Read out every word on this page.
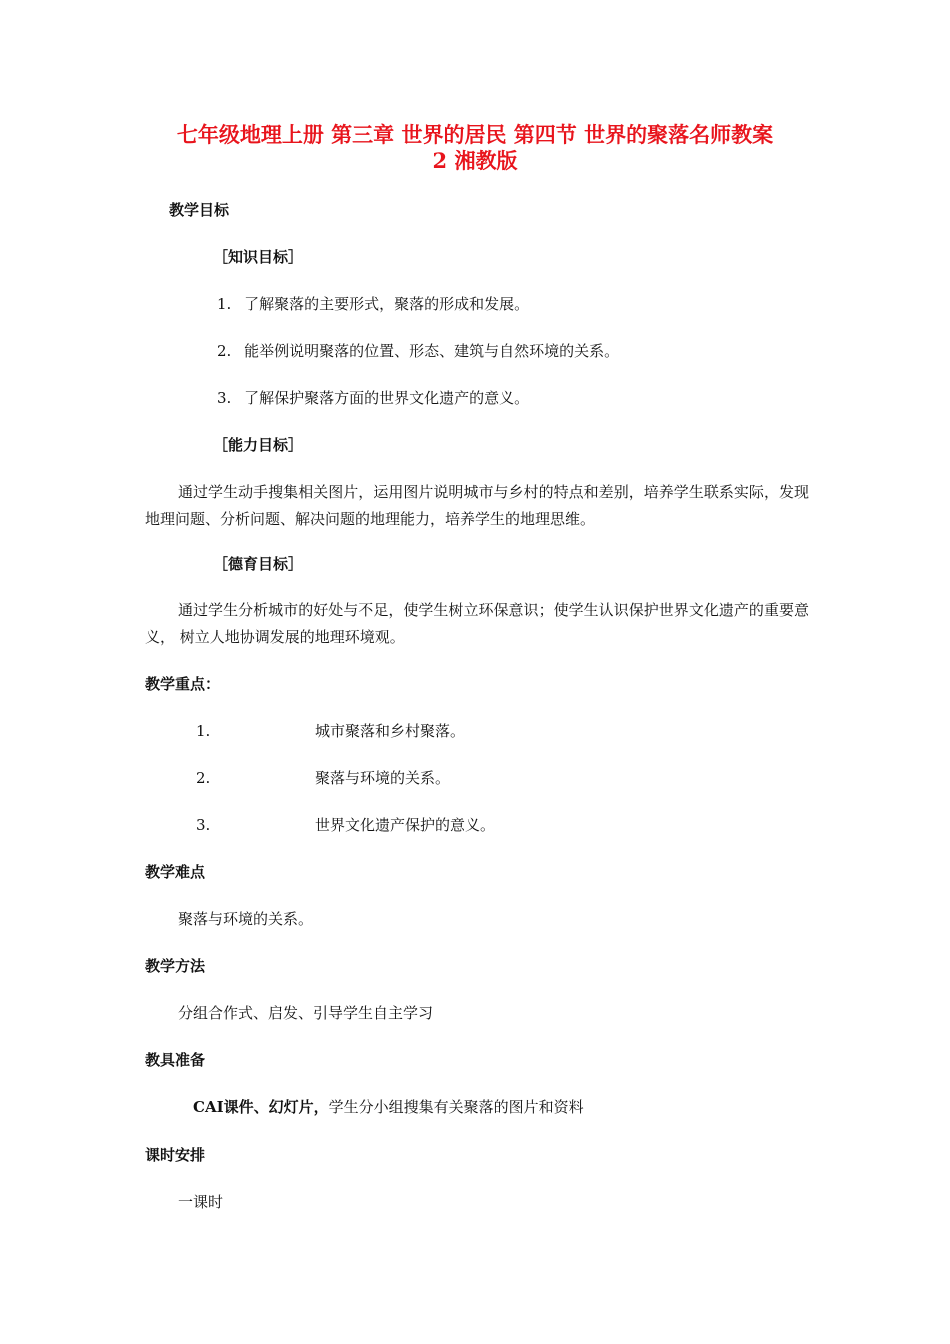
七年级地理上册 第三章 世界的居民 第四节 世界的聚落名师教案
2 湘教版
教学目标
［知识目标］
1. 了解聚落的主要形式，聚落的形成和发展。
2. 能举例说明聚落的位置、形态、建筑与自然环境的关系。
3. 了解保护聚落方面的世界文化遗产的意义。
［能力目标］
通过学生动手搜集相关图片，运用图片说明城市与乡村的特点和差别，培养学生联系实际，发现地理问题、分析问题、解决问题的地理能力，培养学生的地理思维。
［德育目标］
通过学生分析城市的好处与不足，使学生树立环保意识；使学生认识保护世界文化遗产的重要意义， 树立人地协调发展的地理环境观。
教学重点：
1.	城市聚落和乡村聚落。
2.	聚落与环境的关系。
3.	世界文化遗产保护的意义。
教学难点
聚落与环境的关系。
教学方法
分组合作式、启发、引导学生自主学习
教具准备
CAI课件、幻灯片，学生分小组搜集有关聚落的图片和资料
课时安排
一课时
